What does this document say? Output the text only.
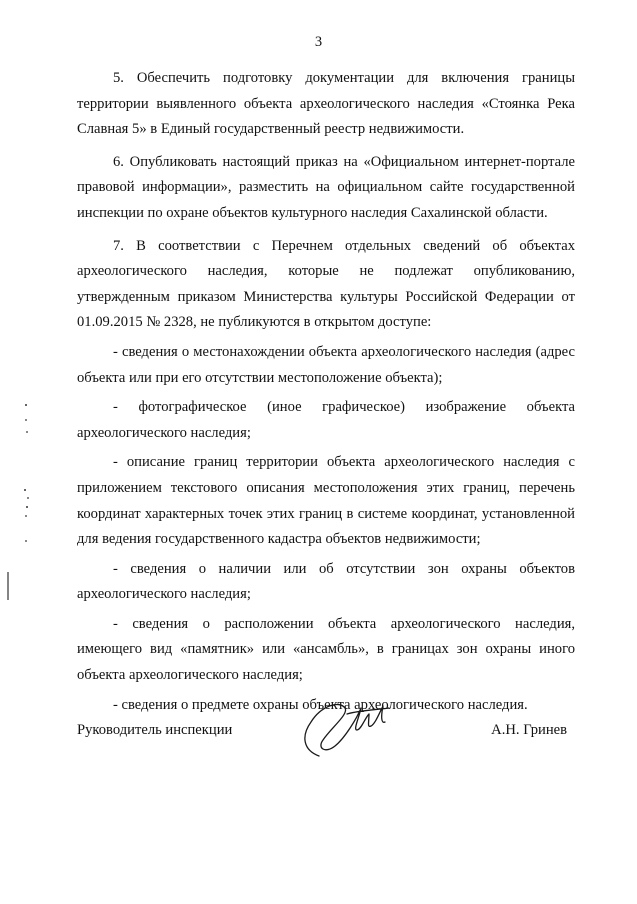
3

5. Обеспечить подготовку документации для включения границы территории выявленного объекта археологического наследия «Стоянка Река Славная 5» в Единый государственный реестр недвижимости.

6. Опубликовать настоящий приказ на «Официальном интернет-портале правовой информации», разместить на официальном сайте государственной инспекции по охране объектов культурного наследия Сахалинской области.

7. В соответствии с Перечнем отдельных сведений об объектах археологического наследия, которые не подлежат опубликованию, утвержденным приказом Министерства культуры Российской Федерации от 01.09.2015 № 2328, не публикуются в открытом доступе:

- сведения о местонахождении объекта археологического наследия (адрес объекта или при его отсутствии местоположение объекта);

- фотографическое (иное графическое) изображение объекта археологического наследия;

- описание границ территории объекта археологического наследия с приложением текстового описания местоположения этих границ, перечень координат характерных точек этих границ в системе координат, установленной для ведения государственного кадастра объектов недвижимости;

- сведения о наличии или об отсутствии зон охраны объектов археологического наследия;

- сведения о расположении объекта археологического наследия, имеющего вид «памятник» или «ансамбль», в границах зон охраны иного объекта археологического наследия;

- сведения о предмете охраны объекта археологического наследия.

Руководитель инспекции	А.Н. Гринев
